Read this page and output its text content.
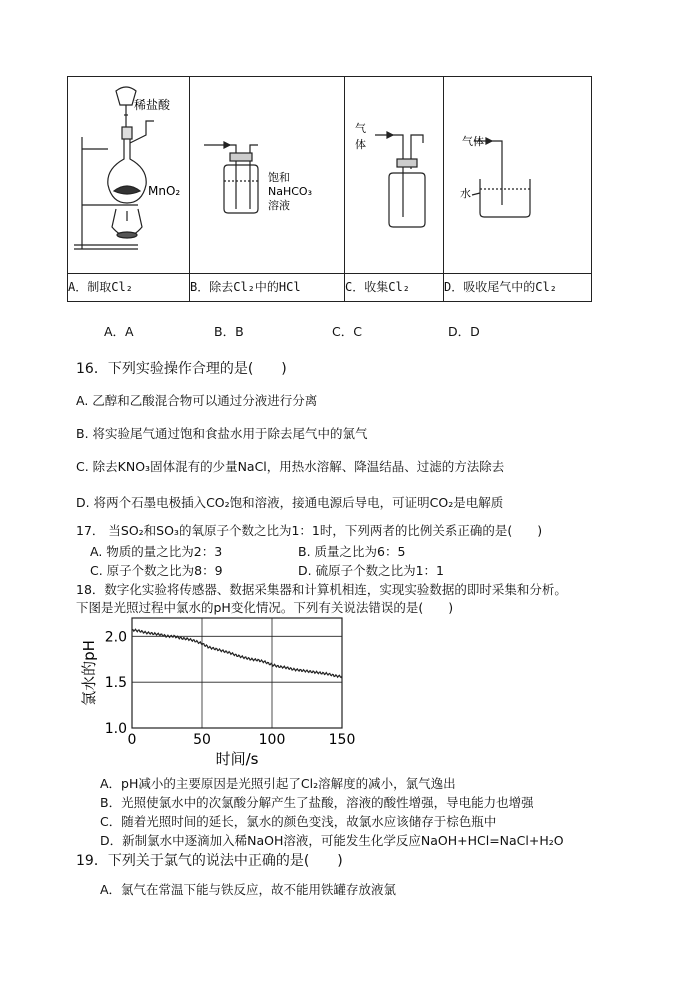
稀盐酸
MnO₂	饱和
NaHCO₃
溶液	气
体	气体
水

A．制取Cl₂	B．除去Cl₂中的HCl	C．收集Cl₂	D．吸收尾气中的Cl₂
A．A	B．B	C．C	D．D
16．下列实验操作合理的是(　　)
A. 乙醇和乙酸混合物可以通过分液进行分离
B. 将实验尾气通过饱和食盐水用于除去尾气中的氯气
C. 除去KNO₃固体混有的少量NaCl，用热水溶解、降温结晶、过滤的方法除去
D. 将两个石墨电极插入CO₂饱和溶液，接通电源后导电，可证明CO₂是电解质
17． 当SO₂和SO₃的氧原子个数之比为1：1时，下列两者的比例关系正确的是(　　)
A. 物质的量之比为2：3	B. 质量之比为6：5
C. 原子个数之比为8：9	D. 硫原子个数之比为1：1
18．数字化实验将传感器、数据采集器和计算机相连，实现实验数据的即时采集和分析。
下图是光照过程中氯水的pH变化情况。下列有关说法错误的是(　　)
0	50	100	150
1.0
1.5
2.0
时间/s
氯水的pH
A．pH减小的主要原因是光照引起了Cl₂溶解度的减小，氯气逸出
B．光照使氯水中的次氯酸分解产生了盐酸，溶液的酸性增强，导电能力也增强
C．随着光照时间的延长，氯水的颜色变浅，故氯水应该储存于棕色瓶中
D．新制氯水中逐滴加入稀NaOH溶液，可能发生化学反应NaOH+HCl=NaCl+H₂O
19．下列关于氯气的说法中正确的是(　　)
A．氯气在常温下能与铁反应，故不能用铁罐存放液氯
